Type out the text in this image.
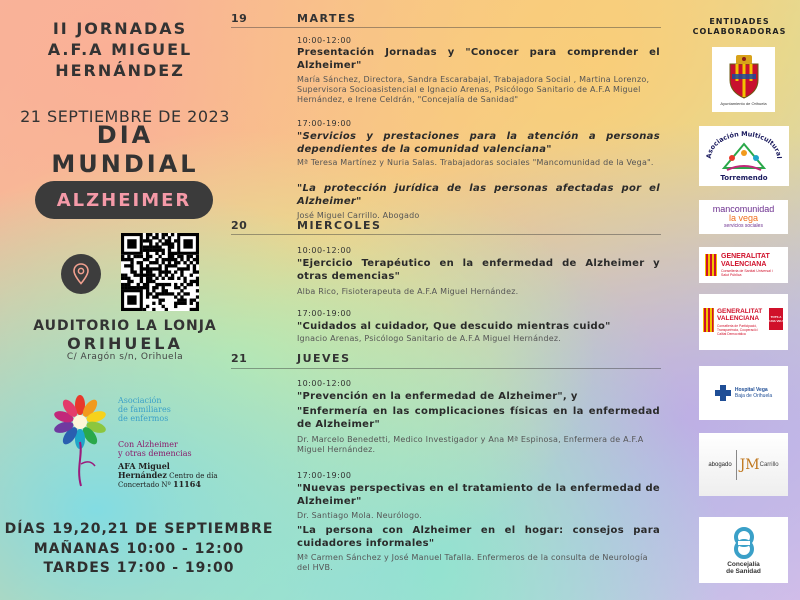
II JORNADAS
A.F.A MIGUEL
HERNÁNDEZ
21 SEPTIEMBRE DE 2023
DIA
MUNDIAL
ALZHEIMER
AUDITORIO LA LONJA
ORIHUELA
C/ Aragón s/n, Orihuela
Asociación
de familiares
de enfermos
Con Alzheimer
y otras demencias
AFA Miguel
Hernández Centro de día
Concertado Nº 11164
DÍAS 19,20,21 DE SEPTIEMBRE
MAÑANAS 10:00 - 12:00
TARDES 17:00 - 19:00
19	MARTES
10:00-12:00
Presentación Jornadas y "Conocer para comprender el Alzheimer"
María Sánchez, Directora, Sandra Escarabajal, Trabajadora Social , Martina Lorenzo, Supervisora Socioasistencial e Ignacio Arenas, Psicólogo Sanitario de A.F.A Miguel Hernández, e Irene Celdrán, "Concejalía de Sanidad"
17:00-19:00
"Servicios y prestaciones para la atención a personas dependientes de la comunidad valenciana"
Mª Teresa Martínez y Nuria Salas. Trabajadoras sociales "Mancomunidad de la Vega".
"La protección jurídica de las personas afectadas por el Alzheimer"
José Miguel Carrillo. Abogado
20	MIERCOLES
10:00-12:00
"Ejercicio Terapéutico en la enfermedad de Alzheimer y otras demencias"
Alba Rico, Fisioterapeuta de A.F.A Miguel Hernández.
17:00-19:00
"Cuidados al cuidador, Que descuido mientras cuido"
Ignacio Arenas, Psicólogo Sanitario de A.F.A Miguel Hernández.
21	JUEVES
10:00-12:00
"Prevención en la enfermedad de Alzheimer", y
"Enfermería en las complicaciones físicas en la enfermedad de Alzheimer"
Dr. Marcelo Benedetti, Medico Investigador y Ana Mª Espinosa, Enfermera de A.F.A Miguel Hernández.
17:00-19:00
"Nuevas perspectivas en el tratamiento de la enfermedad de Alzheimer"
Dr. Santiago Mola. Neurólogo.
"La persona con Alzheimer en el hogar: consejos para cuidadores informales"
Mª Carmen Sánchez y José Manuel Tafalla. Enfermeros de la consulta de Neurología del HVB.
ENTIDADES
COLABORADORAS
Ayuntamiento de Orihuela
Asociación Multicultural
Torremendo
mancomunidad
la vega
servicios sociales
GENERALITAT
VALENCIANA
Conselleria de Sanitat Universal i Salut Pública
GENERALITAT
VALENCIANA
Conselleria de Participació, Transparència, Cooperació i Calitat Democràtica
TOTS A UNA VEU
Hospital Vega
Baja de Orihuela
abogado JM Carrillo
Concejalía
de Sanidad
